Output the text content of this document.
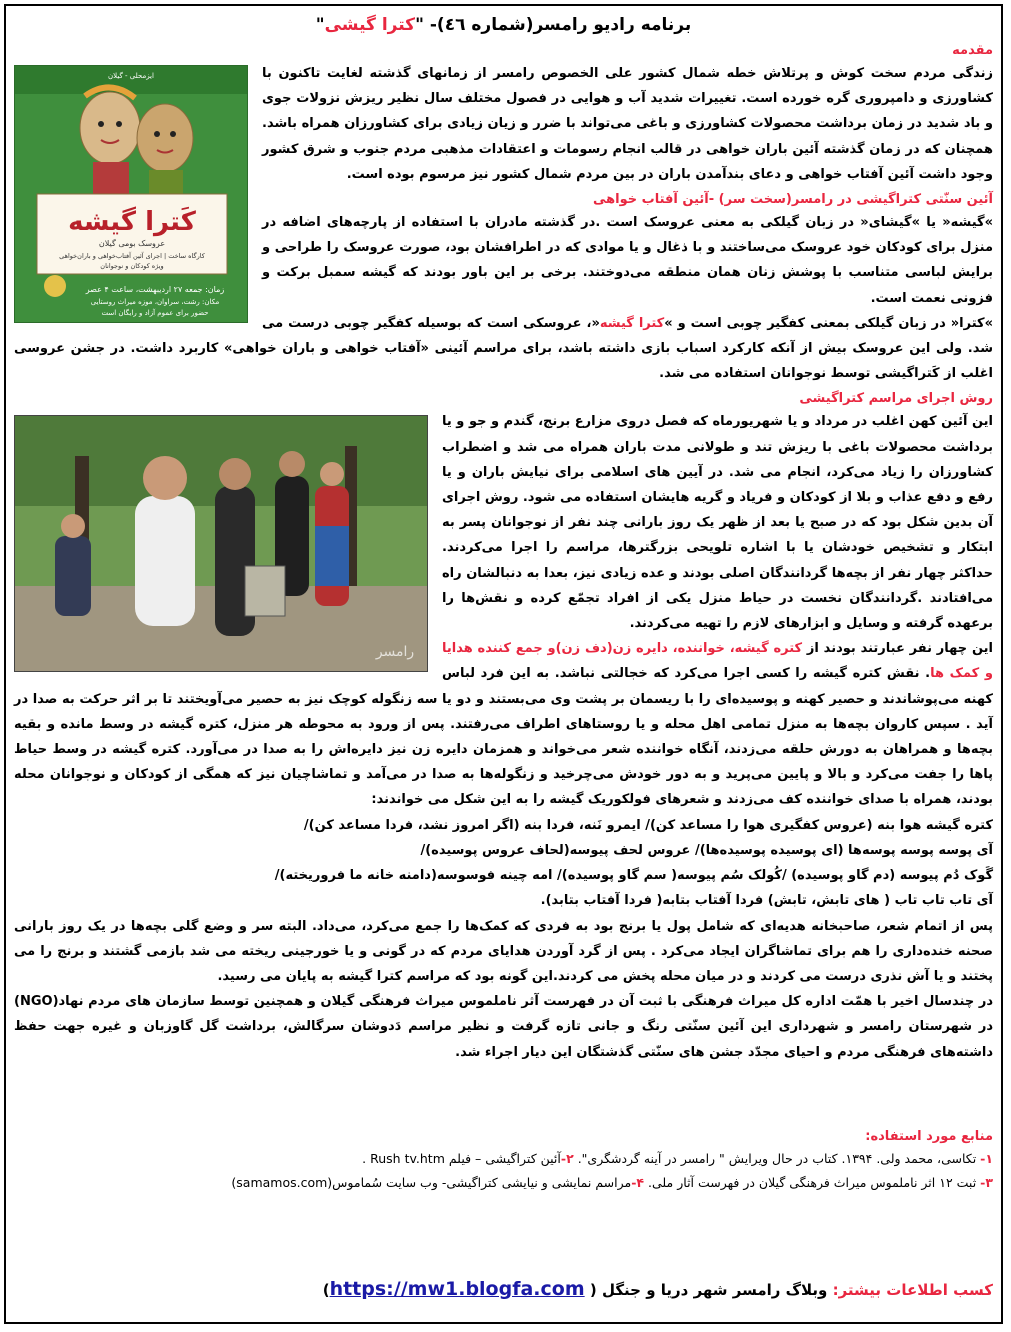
برنامه رادیو رامسر(شماره ٤٦)- "کترا گیشی"
مقدمه
ایزمحلی - گیلان
کَترا گیشه
عروسک بومی گیلان
کارگاه ساخت | اجرای آئین آفتاب‌خواهی و باران‌خواهی
ویژه کودکان و نوجوانان
زمان: جمعه ۲۷ اردیبهشت، ساعت ۴ عصر
مکان: رشت، سراوان، موزه میراث روستایی
حضور برای عموم آزاد و رایگان است

زندگی مردم سخت کوش و پرتلاش خطه شمال کشور علی الخصوص رامسر از زمانهای گذشته لغایت تاکنون با کشاورزی و دامپروری گره خورده است. تغییرات شدید آب و هوایی در فصول مختلف سال نظیر ریزش نزولات جوی و باد شدید در زمان برداشت محصولات کشاورزی و باغی می‌تواند با ضرر و زیان زیادی برای کشاورزان همراه باشد. همچنان که در زمان گذشته آئین باران خواهی در قالب انجام رسومات و اعتقادات مذهبی مردم جنوب و شرق کشور وجود داشت آئین آفتاب خواهی و دعای بندآمدن باران در بین مردم شمال کشور نیز مرسوم بوده است.

آئین سنّتی کتراگیشی در رامسر(سخت سر) -آئین آفتاب خواهی

»گیشه« یا »گیشای« در زبان گیلکی به معنی عروسک است .در گذشته مادران با استفاده از پارچه‌های اضافه در منزل برای کودکان خود عروسک می‌ساختند و با ذغال و یا موادی که در اطرافشان بود، صورت عروسک را طراحی و برایش لباسی متناسب با پوشش زنان همان منطقه می‌دوختند. برخی بر این باور بودند که گیشه سمبل برکت و فزونی نعمت است.

»کترا« در زبان گیلکی بمعنی کفگیر چوبی است و »کترا گیشه«، عروسکی است که بوسیله کفگیر چوبی درست می شد. ولی این عروسک بیش از آنکه کارکرد اسباب بازی داشته باشد، برای مراسم آئینی «آفتاب خواهی و باران خواهی» کاربرد داشت. در جشن عروسی اغلب از کَتراگیشی توسط نوجوانان استفاده می شد.

روش اجرای مراسم کتراگیشی
رامسر

این آئین کهن اغلب در مرداد و یا شهریورماه که فصل دروی مزارع برنج، گندم و جو و یا برداشت محصولات باغی با ریزش تند و طولانی مدت باران همراه می شد و اضطراب کشاورزان را زیاد می‌کرد، انجام می شد. در آیین های اسلامی برای نیایش باران و یا رفع و دفع عذاب و بلا از کودکان و فریاد و گریه هایشان استفاده می شود. روش اجرای آن بدین شکل بود که در صبح یا بعد از ظهر یک روز بارانی چند نفر از نوجوانان پسر به ابتکار و تشخیص خودشان یا با اشاره تلویحی بزرگترها، مراسم را اجرا می‌کردند. حداکثر چهار نفر از بچه‌ها گردانندگان اصلی بودند و عده زیادی نیز، بعدا به دنبالشان راه می‌افتادند .گردانندگان نخست در حیاط منزل یکی از افراد تجمّع کرده و نقش‌ها را برعهده گرفته و وسایل و ابزارهای لازم را تهیه می‌کردند.

این چهار نفر عبارتند بودند از کتره گیشه، خواننده، دایره زن(دف زن)و جمع کننده هدایا و کمک ها. نقش کتره گیشه را کسی اجرا می‌کرد که خجالتی نباشد. به این فرد لباس کهنه می‌پوشاندند و حصیر کهنه و پوسیده‌ای را با ریسمان بر پشت وی می‌بستند و دو یا سه زنگوله کوچک نیز به حصیر می‌آویختند تا بر اثر حرکت به صدا در آید . سپس کاروان بچه‌ها به منزل تمامی اهل محله و یا روستاهای اطراف می‌رفتند. پس از ورود به محوطه هر منزل، کتره گیشه در وسط مانده و بقیه بچه‌ها و همراهان به دورش حلقه می‌زدند، آنگاه خواننده شعر می‌خواند و همزمان دایره زن نیز دایره‌اش را به صدا در می‌آورد. کتره گیشه در وسط حیاط پاها را جفت می‌کرد و بالا و پایین می‌پرید و به دور خودش می‌چرخید و زنگوله‌ها به صدا در می‌آمد و تماشاچیان نیز که همگی از کودکان و نوجوانان محله بودند، همراه با صدای خواننده کف می‌زدند و شعرهای فولکوریک گیشه را به این شکل می خواندند:

کتره گیشه هوا بنه (عروس کفگیری هوا را مساعد کن)/ ایمرو نَنه، فردا بنه (اگر امروز نشد، فردا مساعد کن)/

آی پوسه پوسه پوسه‌ها (ای پوسیده پوسیده‌ها)/ عروس لحف پیوسه(لحاف عروس پوسیده)/

گَوک دُم پیوسه (دم گاو پوسیده) /کُولک سُم پیوسه( سم گاو پوسیده)/ امه چینه فوسوسه(دامنه خانه ما فرو‌ریخته)/

آی تاب تاب تاب ( های تابش، تابش) فردا آفتاب بتابه( فردا آفتاب بتابد).

پس از اتمام شعر، صاحبخانه هدیه‌ای که شامل پول یا برنج بود به فردی که کمک‌ها را جمع می‌کرد، می‌داد. البته سر و وضع گلی بچه‌ها در یک روز بارانی صحنه خنده‌داری را هم برای تماشاگران ایجاد می‌کرد . پس از گرد آوردن هدایای مردم که در گونی و یا خورجینی ریخته می شد بازمی گشتند و برنج را می پختند و یا آش نذری درست می کردند و در میان محله پخش می کردند.این گونه بود که مراسم کترا گیشه به پایان می رسید.

در چندسال اخیر با همّت اداره کل میراث فرهنگی با ثبت آن در فهرست آثر ناملموس میراث فرهنگی گیلان و همچنین توسط سازمان های مردم نهاد(NGO) در شهرستان رامسر و شهرداری این آئین سنّتی رنگ و جانی تازه گرفت و نظیر مراسم دَدوشان سرگالش، برداشت گل گاوزبان و غیره جهت حفظ داشته‌های فرهنگی مردم و احیای مجدّد جشن های سنّتی گذشتگان این دیار اجراء شد.

منابع مورد استفاده:

۱- تکاسی، محمد ولی. ۱۳۹۴. کتاب در حال ویرایش " رامسر در آینه گردشگری". ۲-آئین کتراگیشی – فیلم Rush tv.htm .

۳- ثبت ۱۲ اثر ناملموس میراث فرهنگی گیلان در فهرست آثار ملی. ۴-مراسم نمایشی و نیایشی کتراگیشی- وب سایت سُماموس(samamos.com)

کسب اطلاعات بیشتر: وبلاگ رامسر شهر دریا و جنگل ( https://mw1.blogfa.com)
